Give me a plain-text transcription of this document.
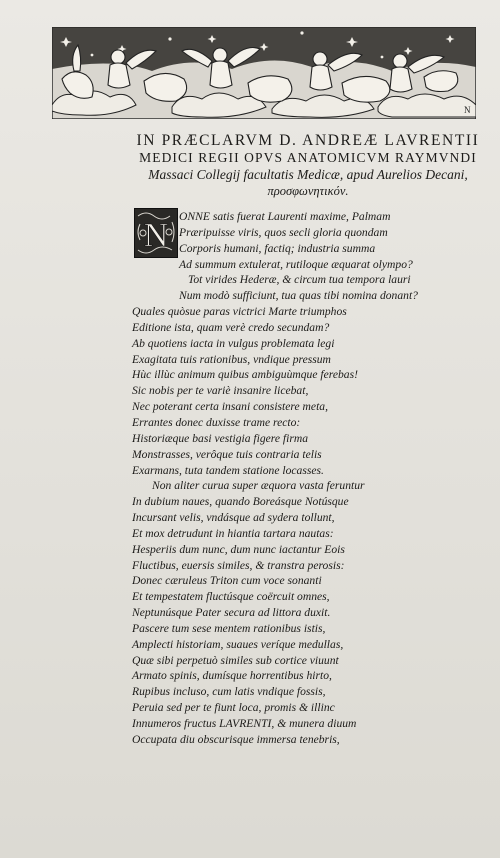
N
IN PRÆCLARVM D. ANDREÆ LAVRENTII
MEDICI REGII OPVS ANATOMICVM RAYMVNDI
Massaci Collegij facultatis Medicæ, apud Aurelios Decani,
προσφωνητικόν.
N
ONNE satis fuerat Laurenti maxime, Palmam
Præripuisse viris, quos secli gloria quondam
Corporis humani, factiq; industria summa
Ad summum extulerat, rutiloque æquarat olympo?
Tot virides Hederæ, & circum tua tempora lauri
Num modò sufficiunt, tua quas tibi nomina donant?
Quales quòsue paras victrici Marte triumphos
Editione ista, quam verè credo secundam?
Ab quotiens iacta in vulgus problemata legi
Exagitata tuis rationibus, vndique pressum
Hùc illùc animum quibus ambiguùmque ferebas!
Sic nobis per te variè insanire licebat,
Nec poterant certa insani consistere meta,
Errantes donec duxisse trame recto:
Historiæque basi vestigia figere firma
Monstrasses, verôque tuis contraria telis
Exarmans, tuta tandem statione locasses.
Non aliter curua super æquora vasta feruntur
In dubium naues, quando Boreásque Notúsque
Incursant velis, vndásque ad sydera tollunt,
Et mox detrudunt in hiantia tartara nautas:
Hesperiis dum nunc, dum nunc iactantur Eois
Fluctibus, euersis similes, & transtra perosis:
Donec cæruleus Triton cum voce sonanti
Et tempestatem fluctúsque coërcuit omnes,
Neptunúsque Pater secura ad littora duxit.
Pascere tum sese mentem rationibus istis,
Amplecti historiam, suaues veríque medullas,
Quæ sibi perpetuò similes sub cortice viuunt
Armato spinis, dumísque horrentibus hirto,
Rupibus incluso, cum latis vndique fossis,
Peruia sed per te fiunt loca, promis & illinc
Innumeros fructus LAVRENTI, & munera diuum
Occupata diu obscurisque immersa tenebris,
